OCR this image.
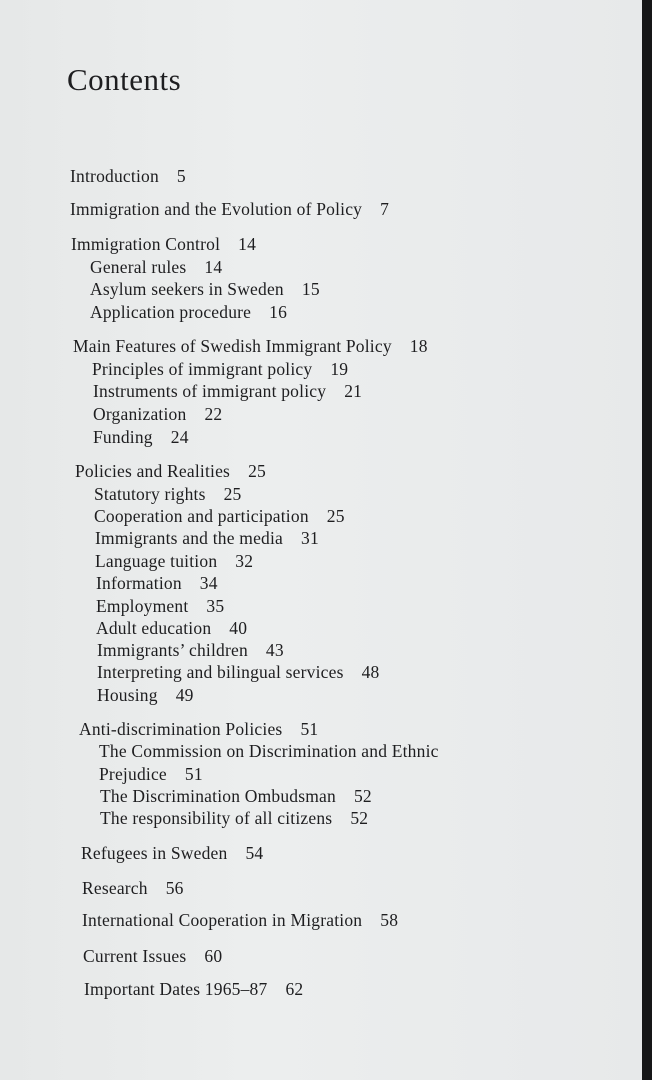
Contents
Introduction 5
Immigration and the Evolution of Policy 7
Immigration Control 14
General rules 14
Asylum seekers in Sweden 15
Application procedure 16
Main Features of Swedish Immigrant Policy 18
Principles of immigrant policy 19
Instruments of immigrant policy 21
Organization 22
Funding 24
Policies and Realities 25
Statutory rights 25
Cooperation and participation 25
Immigrants and the media 31
Language tuition 32
Information 34
Employment 35
Adult education 40
Immigrants’ children 43
Interpreting and bilingual services 48
Housing 49
Anti-discrimination Policies 51
The Commission on Discrimination and Ethnic
Prejudice 51
The Discrimination Ombudsman 52
The responsibility of all citizens 52
Refugees in Sweden 54
Research 56
International Cooperation in Migration 58
Current Issues 60
Important Dates 1965–87 62
